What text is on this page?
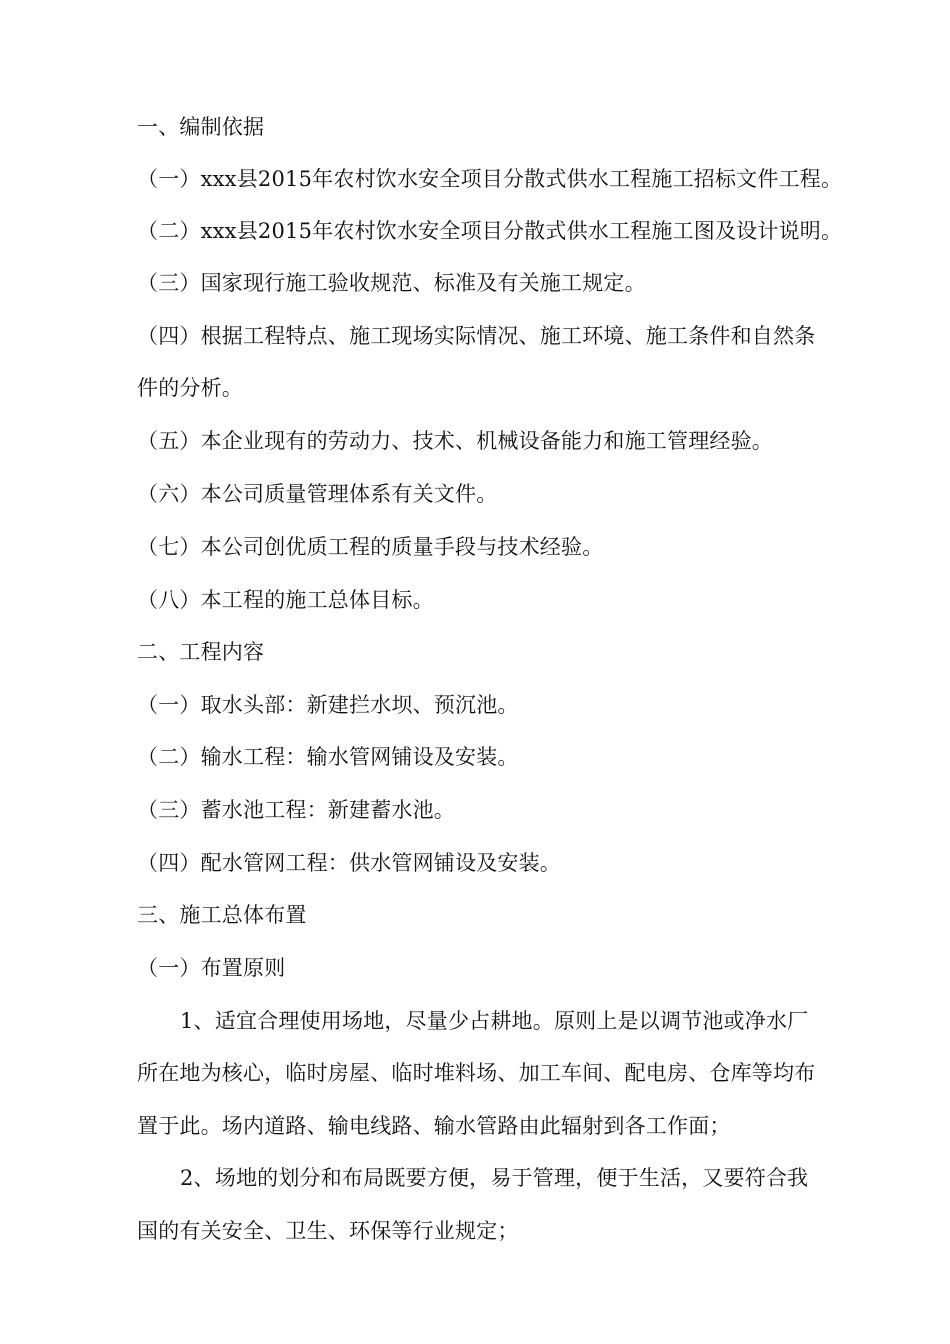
一、编制依据
（一）xxx县2015年农村饮水安全项目分散式供水工程施工招标文件工程。
（二）xxx县2015年农村饮水安全项目分散式供水工程施工图及设计说明。
（三）国家现行施工验收规范、标准及有关施工规定。
（四）根据工程特点、施工现场实际情况、施工环境、施工条件和自然条
件的分析。
（五）本企业现有的劳动力、技术、机械设备能力和施工管理经验。
（六）本公司质量管理体系有关文件。
（七）本公司创优质工程的质量手段与技术经验。
（八）本工程的施工总体目标。
二、工程内容
（一）取水头部：新建拦水坝、预沉池。
（二）输水工程：输水管网铺设及安装。
（三）蓄水池工程：新建蓄水池。
（四）配水管网工程：供水管网铺设及安装。
三、施工总体布置
（一）布置原则
1、适宜合理使用场地，尽量少占耕地。原则上是以调节池或净水厂
所在地为核心，临时房屋、临时堆料场、加工车间、配电房、仓库等均布
置于此。场内道路、输电线路、输水管路由此辐射到各工作面；
2、场地的划分和布局既要方便，易于管理，便于生活，又要符合我
国的有关安全、卫生、环保等行业规定；
